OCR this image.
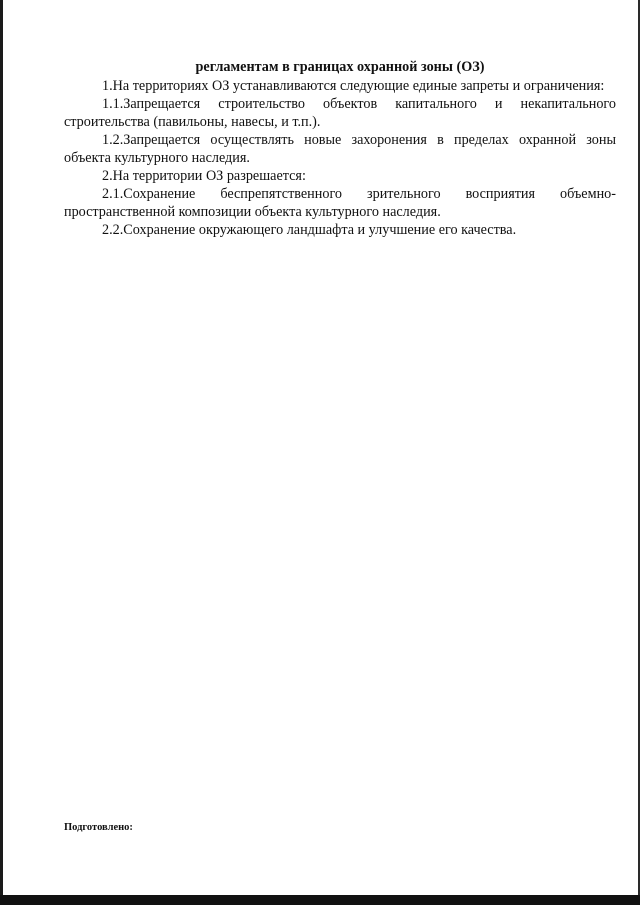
регламентам в границах охранной зоны (ОЗ)

1.На территориях ОЗ устанавливаются следующие единые запреты и ограничения:

1.1.Запрещается строительство объектов капитального и некапитального строительства (павильоны, навесы, и т.п.).

1.2.Запрещается осуществлять новые захоронения в пределах охранной зоны объекта культурного наследия.

2.На территории ОЗ разрешается:

2.1.Сохранение беспрепятственного зрительного восприятия объемно-пространственной композиции объекта культурного наследия.

2.2.Сохранение окружающего ландшафта и улучшение его качества.

Подготовлено:
